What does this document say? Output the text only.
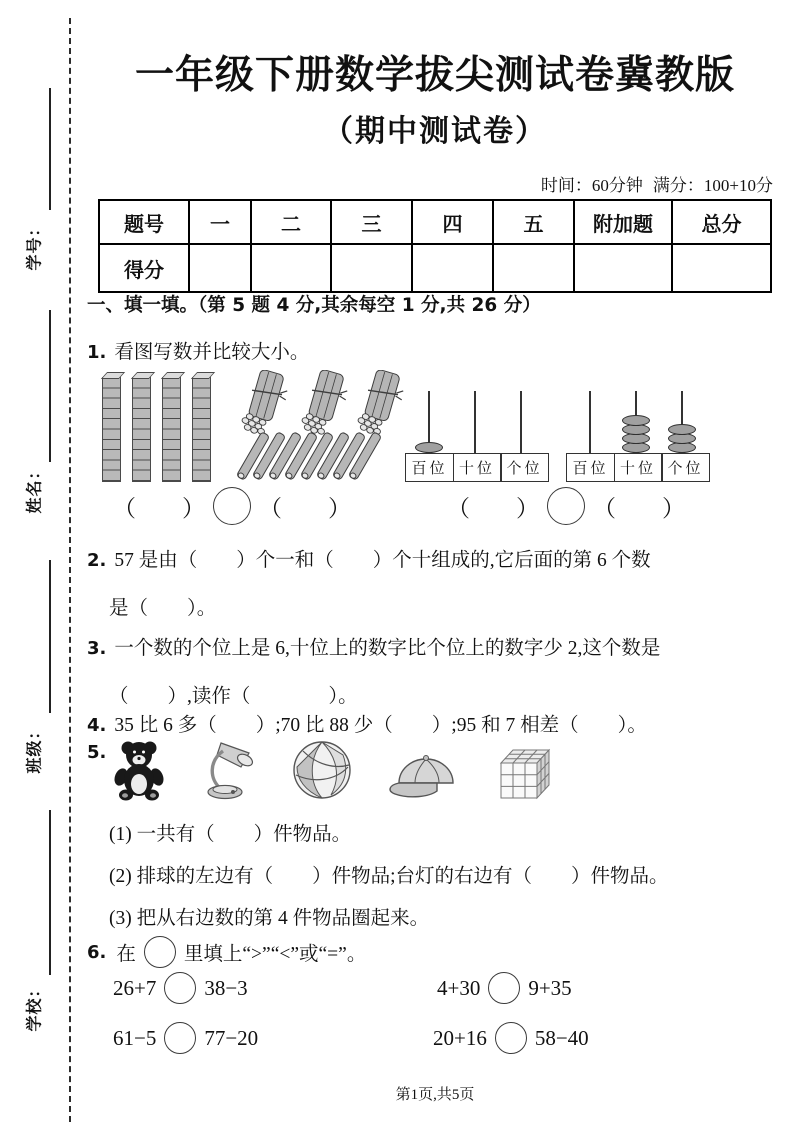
学号：
姓名：
班级：
学校：
一年级下册数学拔尖测试卷冀教版
（期中测试卷）
时间：60分钟 满分：100+10分
题号	一	二	三	四	五	附加题	总分
得分							
一、填一填。（第 5 题 4 分,其余每空 1 分,共 26 分）
1. 看图写数并比较大小。
百 位 十 位 个 位 百 位 十 位 个 位
（　　） （　　）	（　　） （　　）
2. 57 是由（　　）个一和（　　）个十组成的,它后面的第 6 个数
是（　　）。
3. 一个数的个位上是 6,十位上的数字比个位上的数字少 2,这个数是
（　　）,读作（　　　　）。
4. 35 比 6 多（　　）;70 比 88 少（　　）;95 和 7 相差（　　）。
5.
(1) 一共有（　　）件物品。
(2) 排球的左边有（　　）件物品;台灯的右边有（　　）件物品。
(3) 把从右边数的第 4 件物品圈起来。
6. 在 里填上“>”“<”或“=”。
26+7 38−3	4+30 9+35
61−5 77−20	20+16 58−40
第1页,共5页
